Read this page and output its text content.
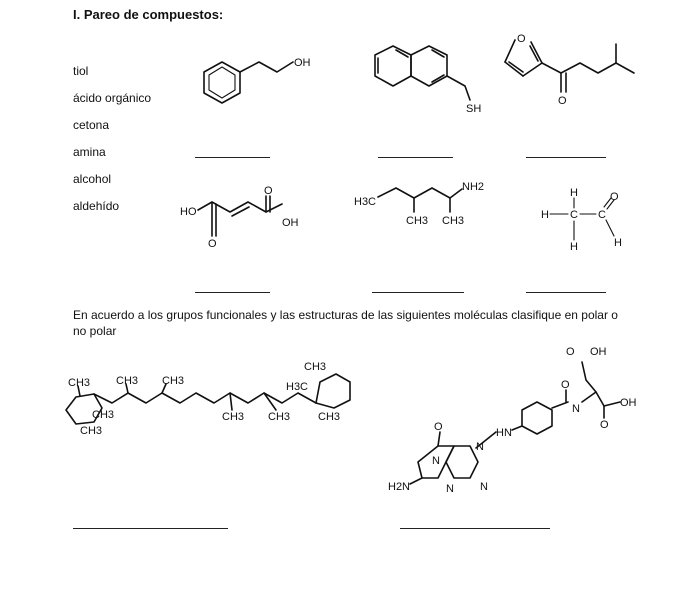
I. Pareo de compuestos:
tiol
ácido orgánico
cetona
amina
alcohol
aldehído
En acuerdo a los grupos funcionales y las estructuras de las siguientes moléculas clasifique en polar o no polar
OH
SH
O
O
HO
O
O
OH
H3C
NH2
CH3 CH3
H
H C C
H	H
O
CH3
CH3
CH3
CH3 CH3
CH3 CH3
CH3
H3C
CH3
O OH
OH
O
N
O
HN
N
N
N
N
O
H2N
